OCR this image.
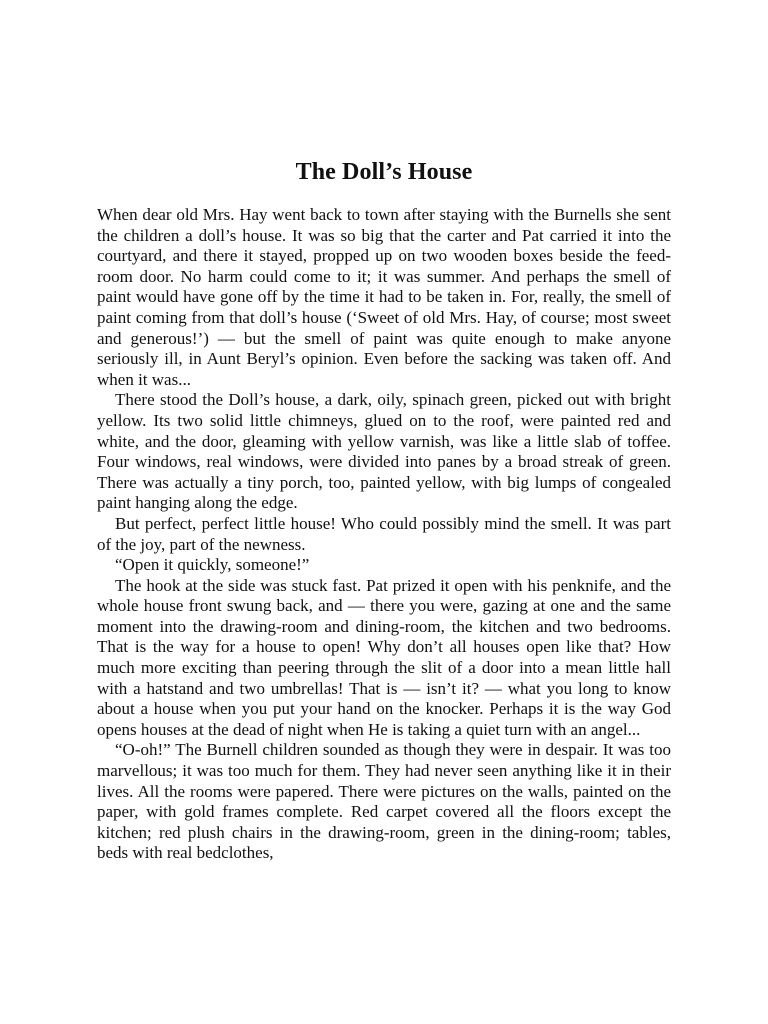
The Doll’s House

When dear old Mrs. Hay went back to town after staying with the Burnells she sent the children a doll’s house. It was so big that the carter and Pat carried it into the courtyard, and there it stayed, propped up on two wooden boxes beside the feed-room door. No harm could come to it; it was summer. And perhaps the smell of paint would have gone off by the time it had to be taken in. For, really, the smell of paint coming from that doll’s house (‘Sweet of old Mrs. Hay, of course; most sweet and generous!’) — but the smell of paint was quite enough to make anyone seriously ill, in Aunt Beryl’s opinion. Even before the sacking was taken off. And when it was...

There stood the Doll’s house, a dark, oily, spinach green, picked out with bright yellow. Its two solid little chimneys, glued on to the roof, were painted red and white, and the door, gleaming with yellow varnish, was like a little slab of toffee. Four windows, real windows, were divided into panes by a broad streak of green. There was actually a tiny porch, too, painted yellow, with big lumps of congealed paint hanging along the edge.

But perfect, perfect little house! Who could possibly mind the smell. It was part of the joy, part of the newness.

“Open it quickly, someone!”

The hook at the side was stuck fast. Pat prized it open with his penknife, and the whole house front swung back, and — there you were, gazing at one and the same moment into the drawing-room and dining-room, the kitchen and two bedrooms. That is the way for a house to open! Why don’t all houses open like that? How much more exciting than peering through the slit of a door into a mean little hall with a hatstand and two umbrellas! That is — isn’t it? — what you long to know about a house when you put your hand on the knocker. Perhaps it is the way God opens houses at the dead of night when He is taking a quiet turn with an angel...

“O-oh!” The Burnell children sounded as though they were in despair. It was too marvellous; it was too much for them. They had never seen anything like it in their lives. All the rooms were papered. There were pictures on the walls, painted on the paper, with gold frames complete. Red carpet covered all the floors except the kitchen; red plush chairs in the drawing-room, green in the dining-room; tables, beds with real bedclothes,
